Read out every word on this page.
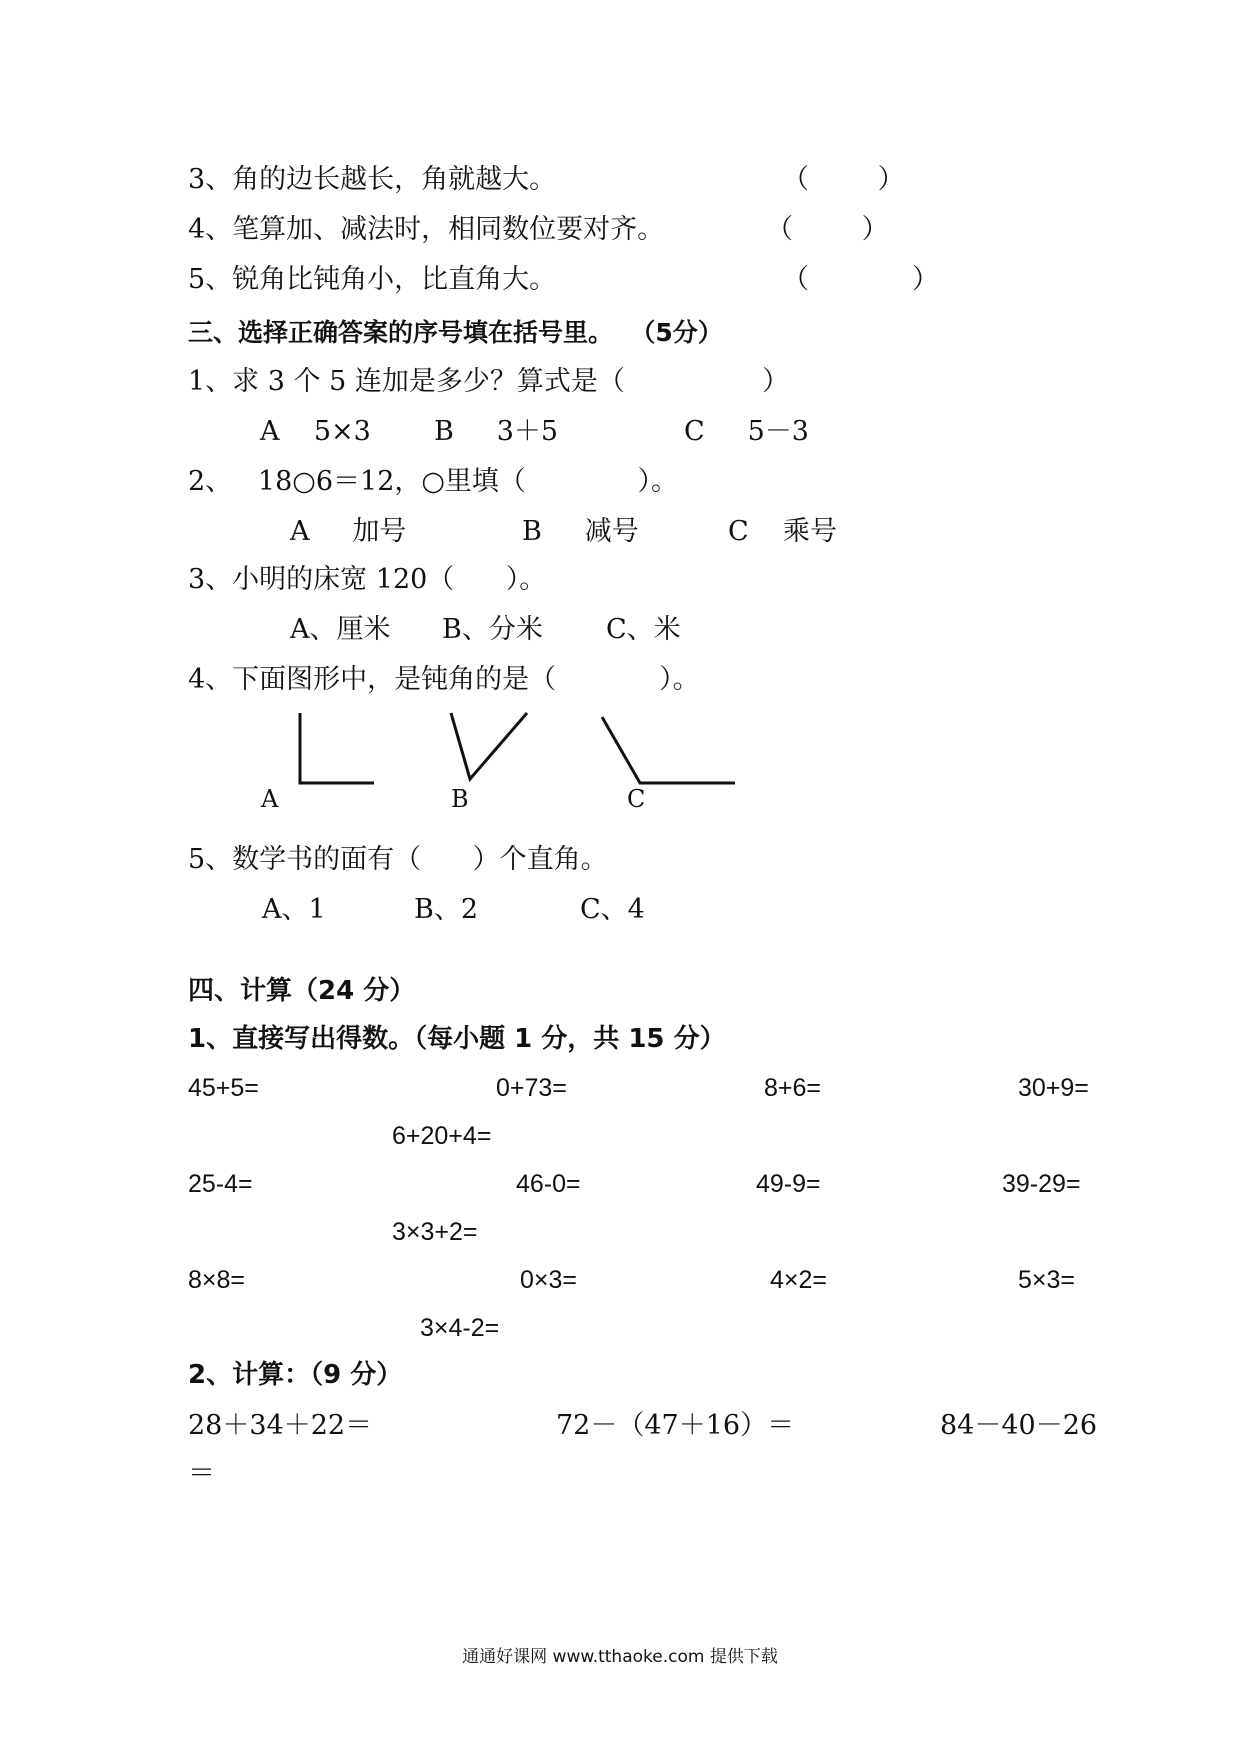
3、角的边长越长，角就越大。	（        ）
4、笔算加、减法时，相同数位要对齐。	（        ）
5、锐角比钝角小，比直角大。	（            ）
三、选择正确答案的序号填在括号里。  （5分）
1、求 3 个 5 连加是多少？算式是（                ）
A    5×3 B     3＋5	C     5－3
2、   18○6＝12，○里填（             ）。
A     加号	B     减号	C    乘号
3、小明的床宽 120（      ）。
A、厘米 B、分米 C、米
4、下面图形中，是钝角的是（            ）。
A	B	C
5、数学书的面有（      ）个直角。
A、1	B、2	C、4
四、计算（24 分）
1、直接写出得数。（每小题 1 分，共 15 分）
45+5=	0+73=	8+6=	30+9=
6+20+4=
25-4=	46-0=	49-9=	39-29=
3×3+2=
8×8=	0×3=	4×2=	5×3=
3×4-2=
2、计算：（9 分）
28＋34＋22＝	72－（47＋16）＝	84－40－26
＝
通通好课网 www.tthaoke.com 提供下载
